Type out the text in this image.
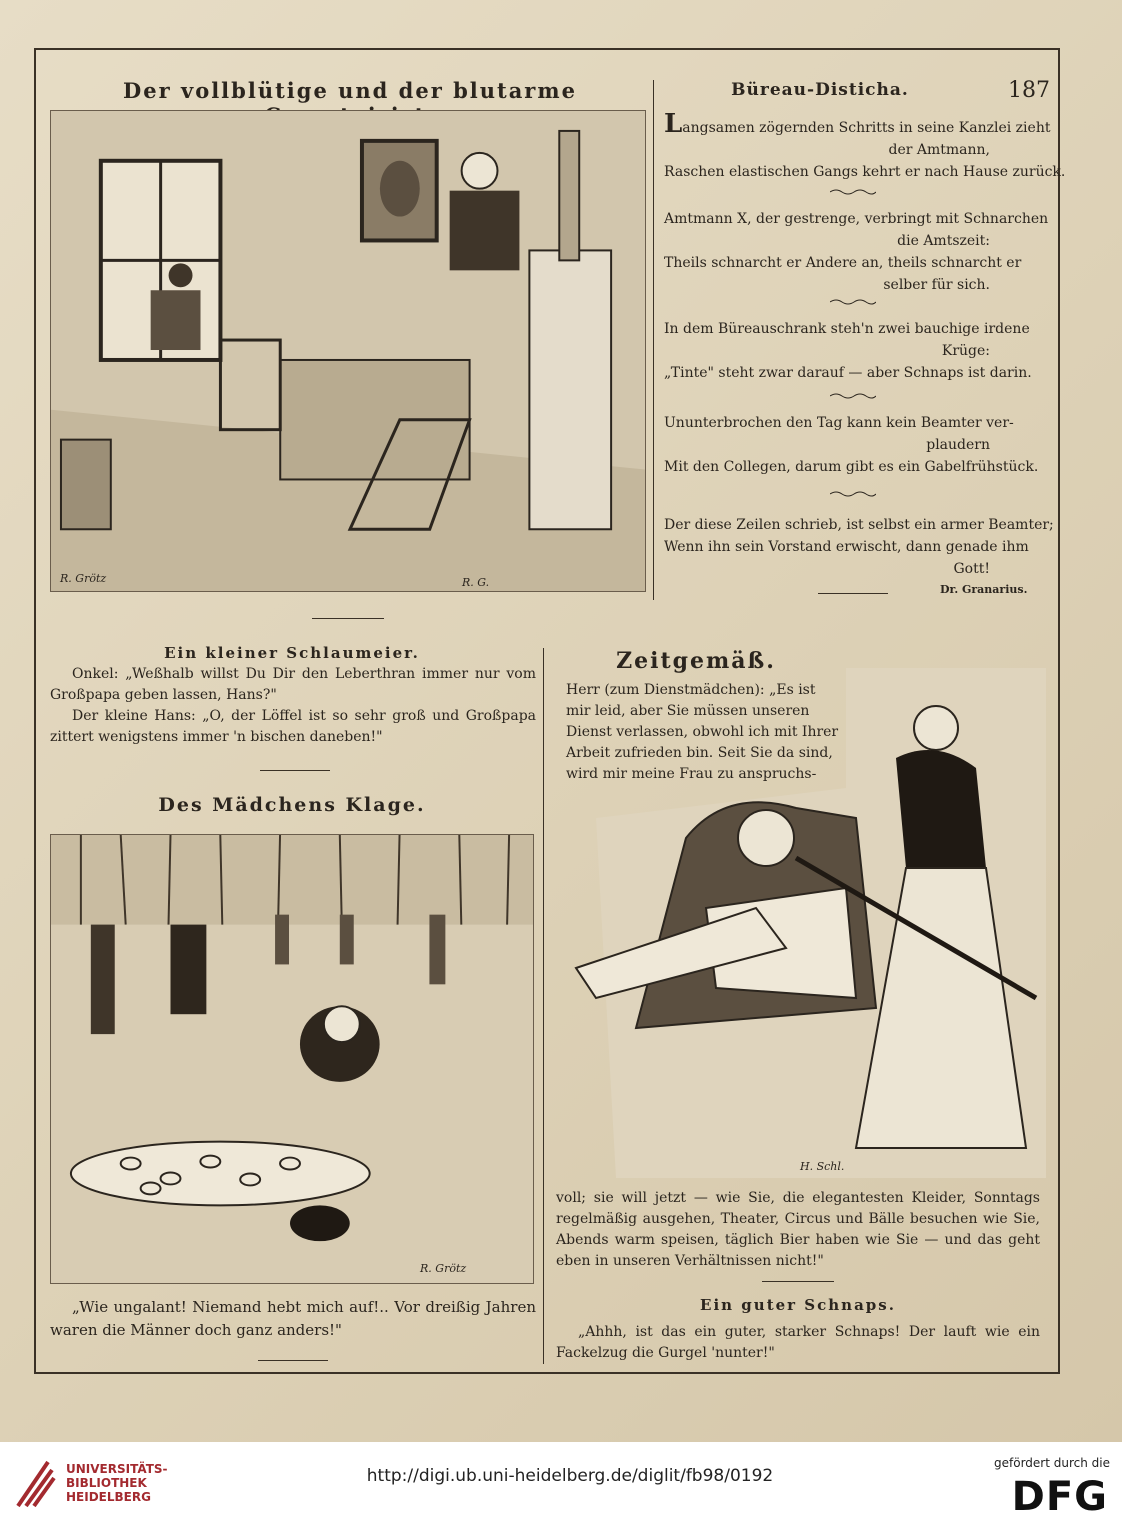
Der vollblütige und der blutarme	Büreau-Disticha.	187
R. Grötz	R. G.
Langsamen zögernden Schritts in seine Kanzlei zieht
der Amtmann,
Raschen elastischen Gangs kehrt er nach Hause zurück.
Amtmann X, der gestrenge, verbringt mit Schnarchen
die Amtszeit:
Theils schnarcht er Andere an, theils schnarcht er
selber für sich.
In dem Büreauschrank steh'n zwei bauchige irdene
Krüge:
„Tinte" steht zwar darauf — aber Schnaps ist darin.
Ununterbrochen den Tag kann kein Beamter ver-
plaudern
Mit den Collegen, darum gibt es ein Gabelfrühstück.
Der diese Zeilen schrieb, ist selbst ein armer Beamter;
Wenn ihn sein Vorstand erwischt, dann genade ihm
Gott!
Dr. Granarius.
Ein kleiner Schlaumeier.

Onkel: „Weßhalb willst Du Dir den Leberthran immer nur vom Großpapa geben lassen, Hans?"

Der kleine Hans: „O, der Löffel ist so sehr groß und Großpapa zittert wenigstens immer 'n bischen daneben!"

Des Mädchens Klage.
R. Grötz

„Wie ungalant! Niemand hebt mich auf!.. Vor dreißig Jahren waren die Männer doch ganz anders!"

Zeitgemäß.
Herr (zum Dienstmädchen): „Es ist
mir leid, aber Sie müssen unseren
Dienst verlassen, obwohl ich mit Ihrer
Arbeit zufrieden bin. Seit Sie da sind,
wird mir meine Frau zu anspruchs-
H. Schl.
voll; sie will jetzt — wie Sie, die elegantesten Kleider, Sonntags regelmäßig ausgehen, Theater, Circus und Bälle besuchen wie Sie, Abends warm speisen, täglich Bier haben wie Sie — und das geht eben in unseren Verhältnissen nicht!"
Ein guter Schnaps.

„Ahhh, ist das ein guter, starker Schnaps! Der lauft wie ein Fackelzug die Gurgel 'nunter!"

UNIVERSITÄTS-
BIBLIOTHEK
HEIDELBERG
http://digi.ub.uni-heidelberg.de/diglit/fb98/0192
gefördert durch die
DFG
